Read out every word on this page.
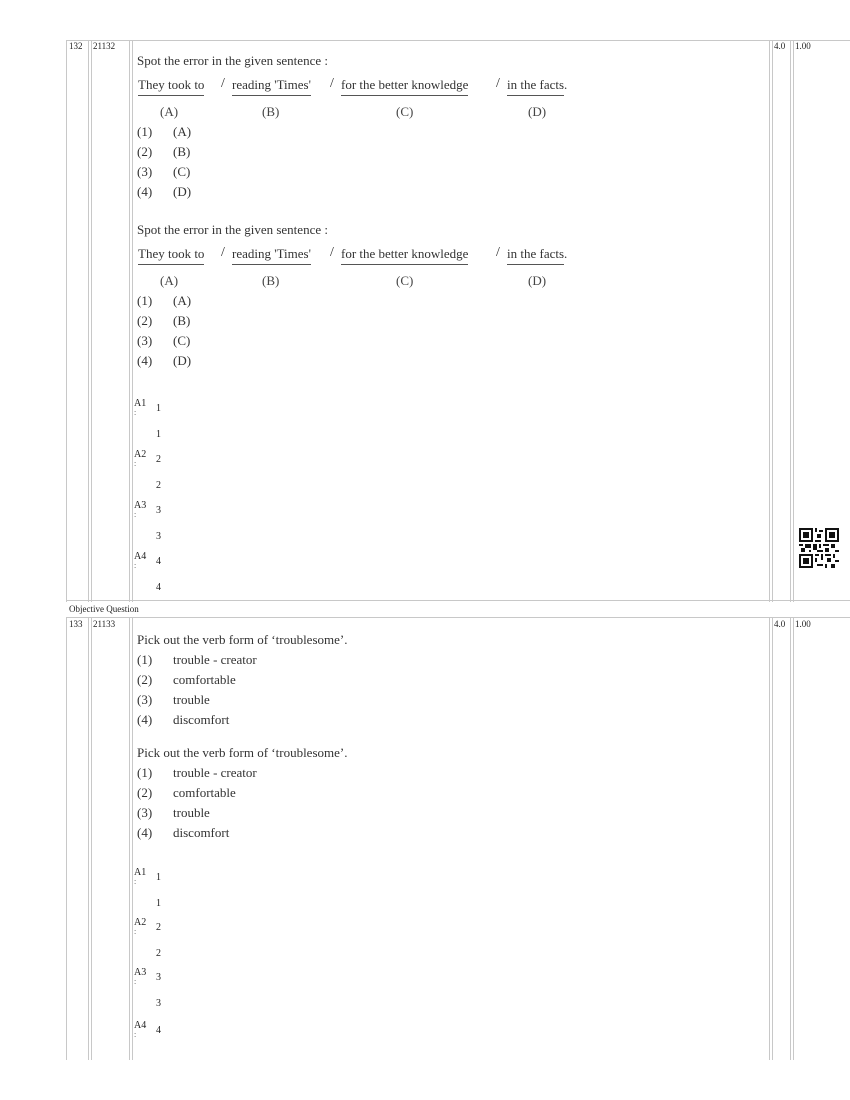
132 21132	4.0 1.00
Spot the error in the given sentence :
They took to / reading 'Times' / for the better knowledge / in the facts.
(A)	(B)	(C)	(D)
(1) (A)
(2) (B)
(3) (C)
(4) (D)
Spot the error in the given sentence :
They took to / reading 'Times' / for the better knowledge / in the facts.
(A)	(B)	(C)	(D)
(1) (A)
(2) (B)
(3) (C)
(4) (D)
A1
: 1
1
A2
: 2
2
A3
: 3
3
A4
: 4
4
Objective Question
133 21133	4.0 1.00
Pick out the verb form of ‘troublesome’.
(1) trouble - creator
(2) comfortable
(3) trouble
(4) discomfort
Pick out the verb form of ‘troublesome’.
(1) trouble - creator
(2) comfortable
(3) trouble
(4) discomfort
A1
: 1
1
A2
: 2
2
A3
: 3
3
A4
: 4
